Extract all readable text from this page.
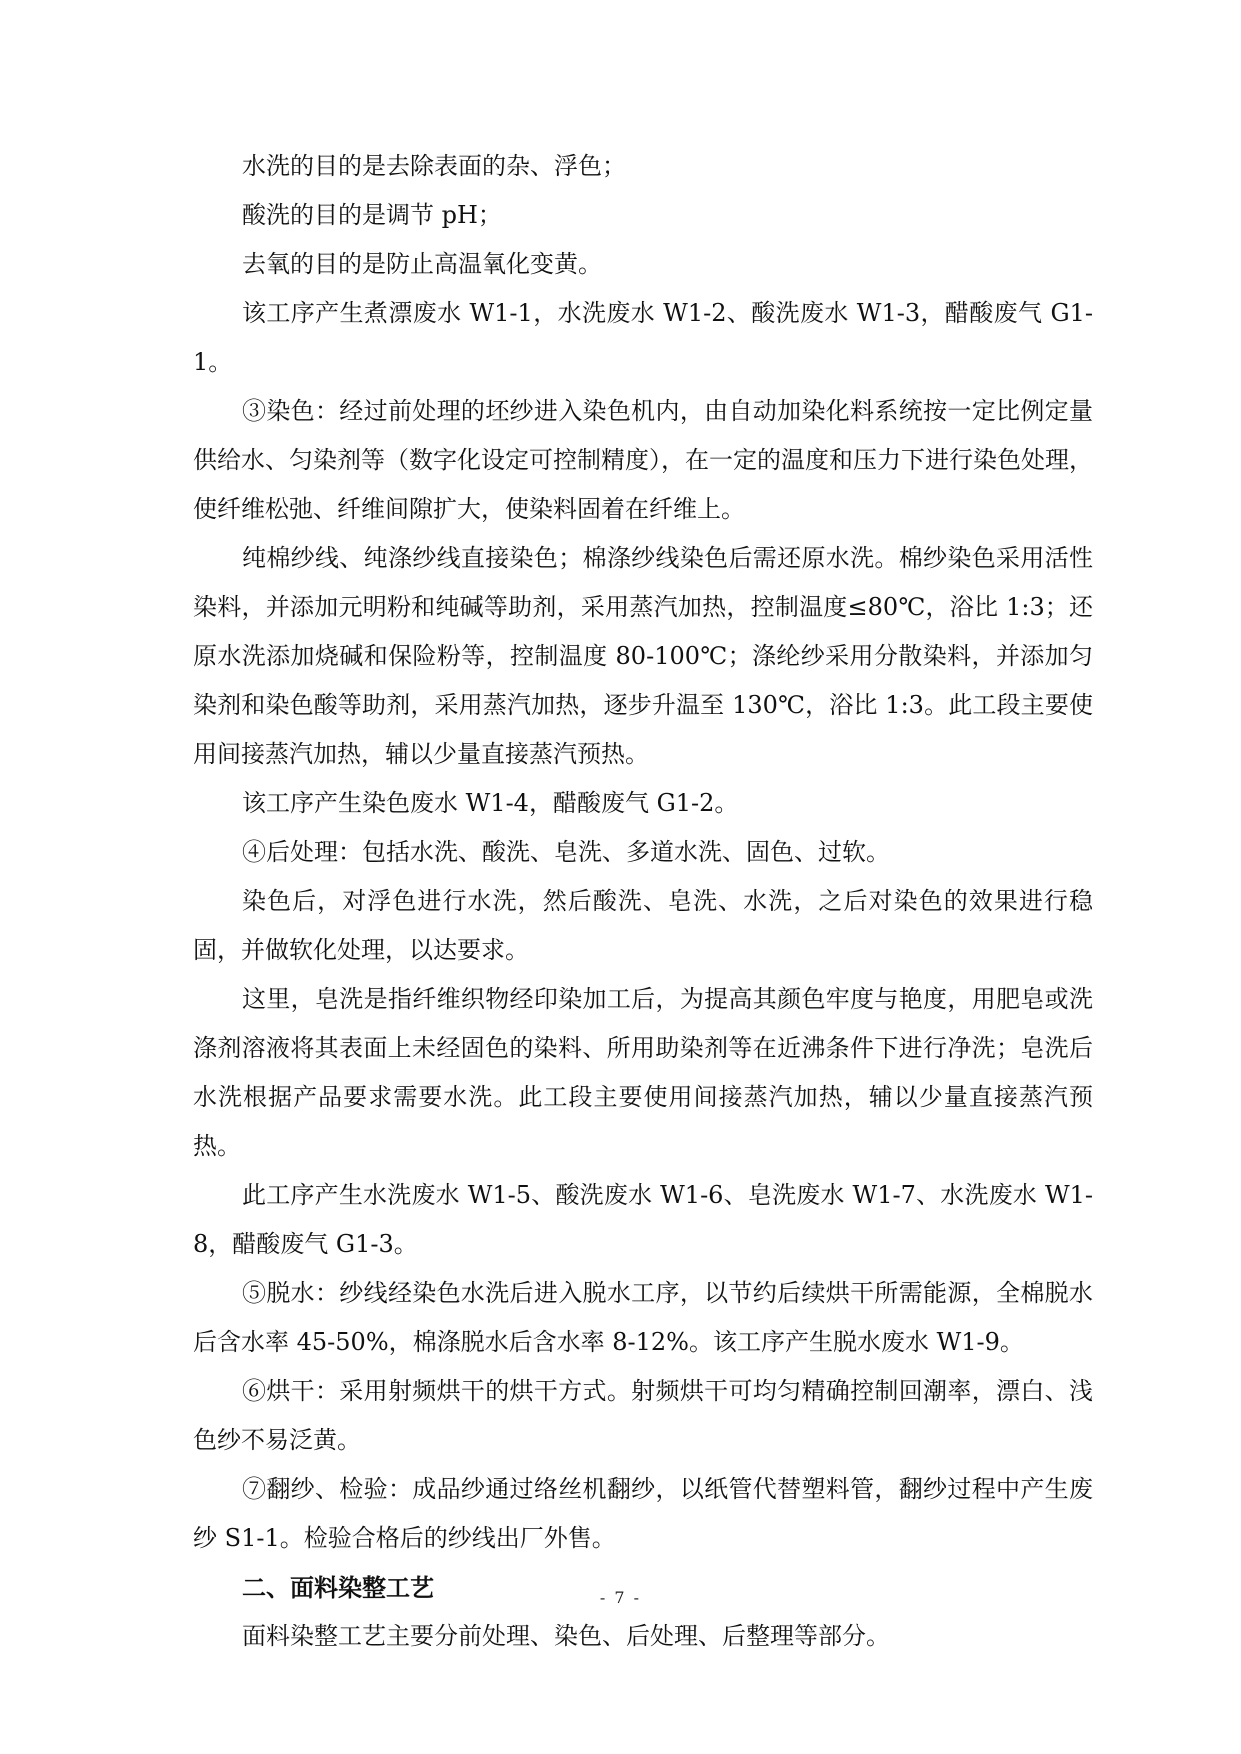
水洗的目的是去除表面的杂、浮色；

酸洗的目的是调节 pH；

去氧的目的是防止高温氧化变黄。

该工序产生煮漂废水 W1-1，水洗废水 W1-2、酸洗废水 W1-3，醋酸废气 G1-1。

③染色：经过前处理的坯纱进入染色机内，由自动加染化料系统按一定比例定量供给水、匀染剂等（数字化设定可控制精度），在一定的温度和压力下进行染色处理，使纤维松弛、纤维间隙扩大，使染料固着在纤维上。

纯棉纱线、纯涤纱线直接染色；棉涤纱线染色后需还原水洗。棉纱染色采用活性染料，并添加元明粉和纯碱等助剂，采用蒸汽加热，控制温度≤80℃，浴比 1:3；还原水洗添加烧碱和保险粉等，控制温度 80-100℃；涤纶纱采用分散染料，并添加匀染剂和染色酸等助剂，采用蒸汽加热，逐步升温至 130℃，浴比 1:3。此工段主要使用间接蒸汽加热，辅以少量直接蒸汽预热。

该工序产生染色废水 W1-4，醋酸废气 G1-2。

④后处理：包括水洗、酸洗、皂洗、多道水洗、固色、过软。

染色后，对浮色进行水洗，然后酸洗、皂洗、水洗，之后对染色的效果进行稳固，并做软化处理，以达要求。

这里，皂洗是指纤维织物经印染加工后，为提高其颜色牢度与艳度，用肥皂或洗涤剂溶液将其表面上未经固色的染料、所用助染剂等在近沸条件下进行净洗；皂洗后水洗根据产品要求需要水洗。此工段主要使用间接蒸汽加热，辅以少量直接蒸汽预热。

此工序产生水洗废水 W1-5、酸洗废水 W1-6、皂洗废水 W1-7、水洗废水 W1-8，醋酸废气 G1-3。

⑤脱水：纱线经染色水洗后进入脱水工序，以节约后续烘干所需能源，全棉脱水后含水率 45-50%，棉涤脱水后含水率 8-12%。该工序产生脱水废水 W1-9。

⑥烘干：采用射频烘干的烘干方式。射频烘干可均匀精确控制回潮率，漂白、浅色纱不易泛黄。

⑦翻纱、检验：成品纱通过络丝机翻纱，以纸管代替塑料管，翻纱过程中产生废纱 S1-1。检验合格后的纱线出厂外售。

二、面料染整工艺

面料染整工艺主要分前处理、染色、后处理、后整理等部分。

- 7 -
